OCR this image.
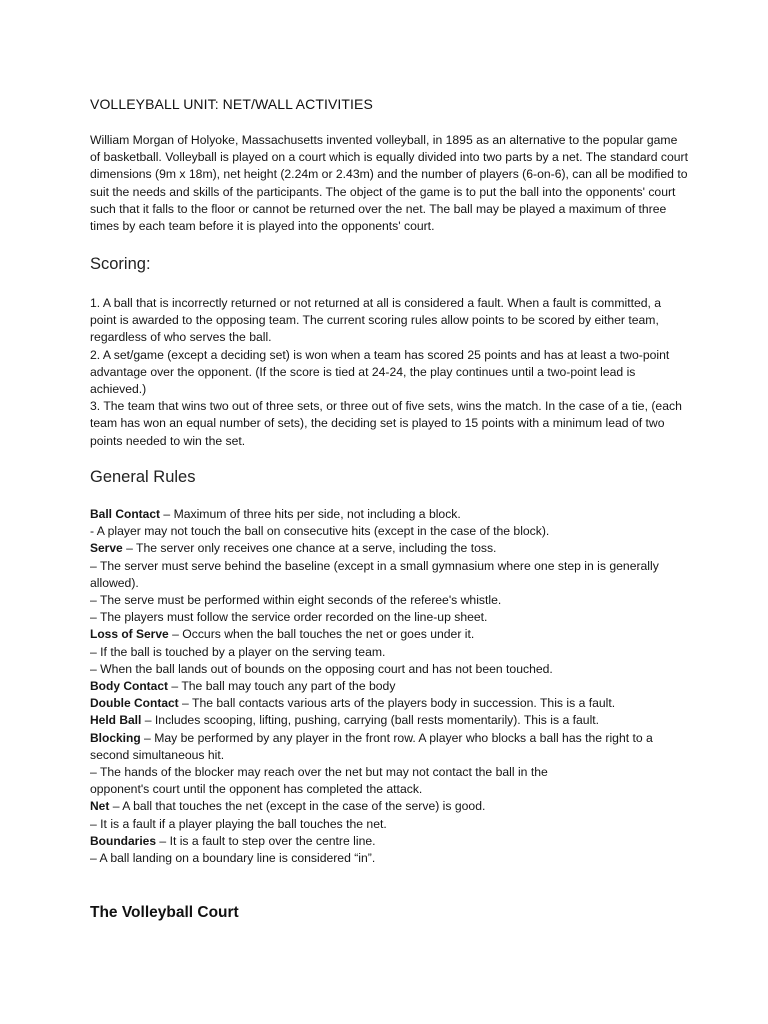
VOLLEYBALL UNIT: NET/WALL ACTIVITIES

William Morgan of Holyoke, Massachusetts invented volleyball, in 1895 as an alternative to the popular game of basketball. Volleyball is played on a court which is equally divided into two parts by a net. The standard court dimensions (9m x 18m), net height (2.24m or 2.43m) and the number of players (6-on-6), can all be modified to suit the needs and skills of the participants. The object of the game is to put the ball into the opponents' court such that it falls to the floor or cannot be returned over the net. The ball may be played a maximum of three times by each team before it is played into the opponents' court.

Scoring:

1. A ball that is incorrectly returned or not returned at all is considered a fault. When a fault is committed, a point is awarded to the opposing team. The current scoring rules allow points to be scored by either team, regardless of who serves the ball.

2. A set/game (except a deciding set) is won when a team has scored 25 points and has at least a two-point advantage over the opponent. (If the score is tied at 24-24, the play continues until a two-point lead is achieved.)

3. The team that wins two out of three sets, or three out of five sets, wins the match. In the case of a tie, (each team has won an equal number of sets), the deciding set is played to 15 points with a minimum lead of two points needed to win the set.

General Rules

Ball Contact – Maximum of three hits per side, not including a block.

- A player may not touch the ball on consecutive hits (except in the case of the block).

Serve – The server only receives one chance at a serve, including the toss.

– The server must serve behind the baseline (except in a small gymnasium where one step in is generally allowed).

– The serve must be performed within eight seconds of the referee's whistle.

– The players must follow the service order recorded on the line-up sheet.

Loss of Serve – Occurs when the ball touches the net or goes under it.

– If the ball is touched by a player on the serving team.

– When the ball lands out of bounds on the opposing court and has not been touched.

Body Contact – The ball may touch any part of the body

Double Contact – The ball contacts various arts of the players body in succession. This is a fault.

Held Ball – Includes scooping, lifting, pushing, carrying (ball rests momentarily). This is a fault.

Blocking – May be performed by any player in the front row. A player who blocks a ball has the right to a second simultaneous hit.

– The hands of the blocker may reach over the net but may not contact the ball in the

opponent's court until the opponent has completed the attack.

Net – A ball that touches the net (except in the case of the serve) is good.

– It is a fault if a player playing the ball touches the net.

Boundaries – It is a fault to step over the centre line.

– A ball landing on a boundary line is considered “in”.

The Volleyball Court
